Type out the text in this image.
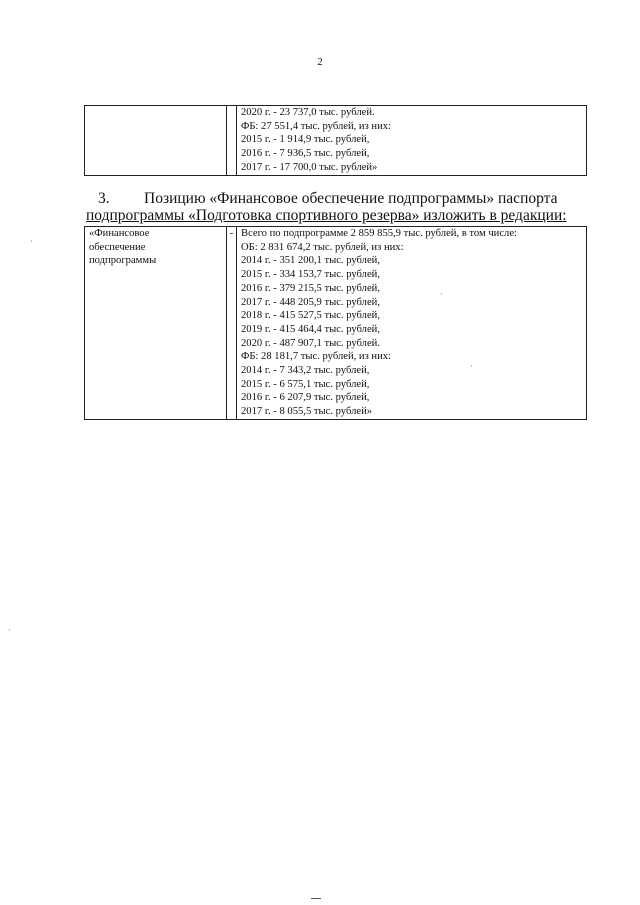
2

2020 г. - 23 737,0 тыс. рублей.
ФБ: 27 551,4 тыс. рублей, из них:
2015 г. - 1 914,9 тыс. рублей,
2016 г. - 7 936,5 тыс. рублей,
2017 г. - 17 700,0 тыс. рублей»
3. Позицию «Финансовое обеспечение подпрограммы» паспорта
подпрограммы «Подготовка спортивного резерва» изложить в редакции:
«Финансовое
обеспечение
подпрограммы
	-	Всего по подпрограмме 2 859 855,9 тыс. рублей, в том числе:
ОБ: 2 831 674,2 тыс. рублей, из них:
2014 г. - 351 200,1 тыс. рублей,
2015 г. - 334 153,7 тыс. рублей,
2016 г. - 379 215,5 тыс. рублей,
2017 г. - 448 205,9 тыс. рублей,
2018 г. - 415 527,5 тыс. рублей,
2019 г. - 415 464,4 тыс. рублей,
2020 г. - 487 907,1 тыс. рублей.
ФБ: 28 181,7 тыс. рублей, из них:
2014 г. - 7 343,2 тыс. рублей,
2015 г. - 6 575,1 тыс. рублей,
2016 г. - 6 207,9 тыс. рублей,
2017 г. - 8 055,5 тыс. рублей»
·
·
·
·
